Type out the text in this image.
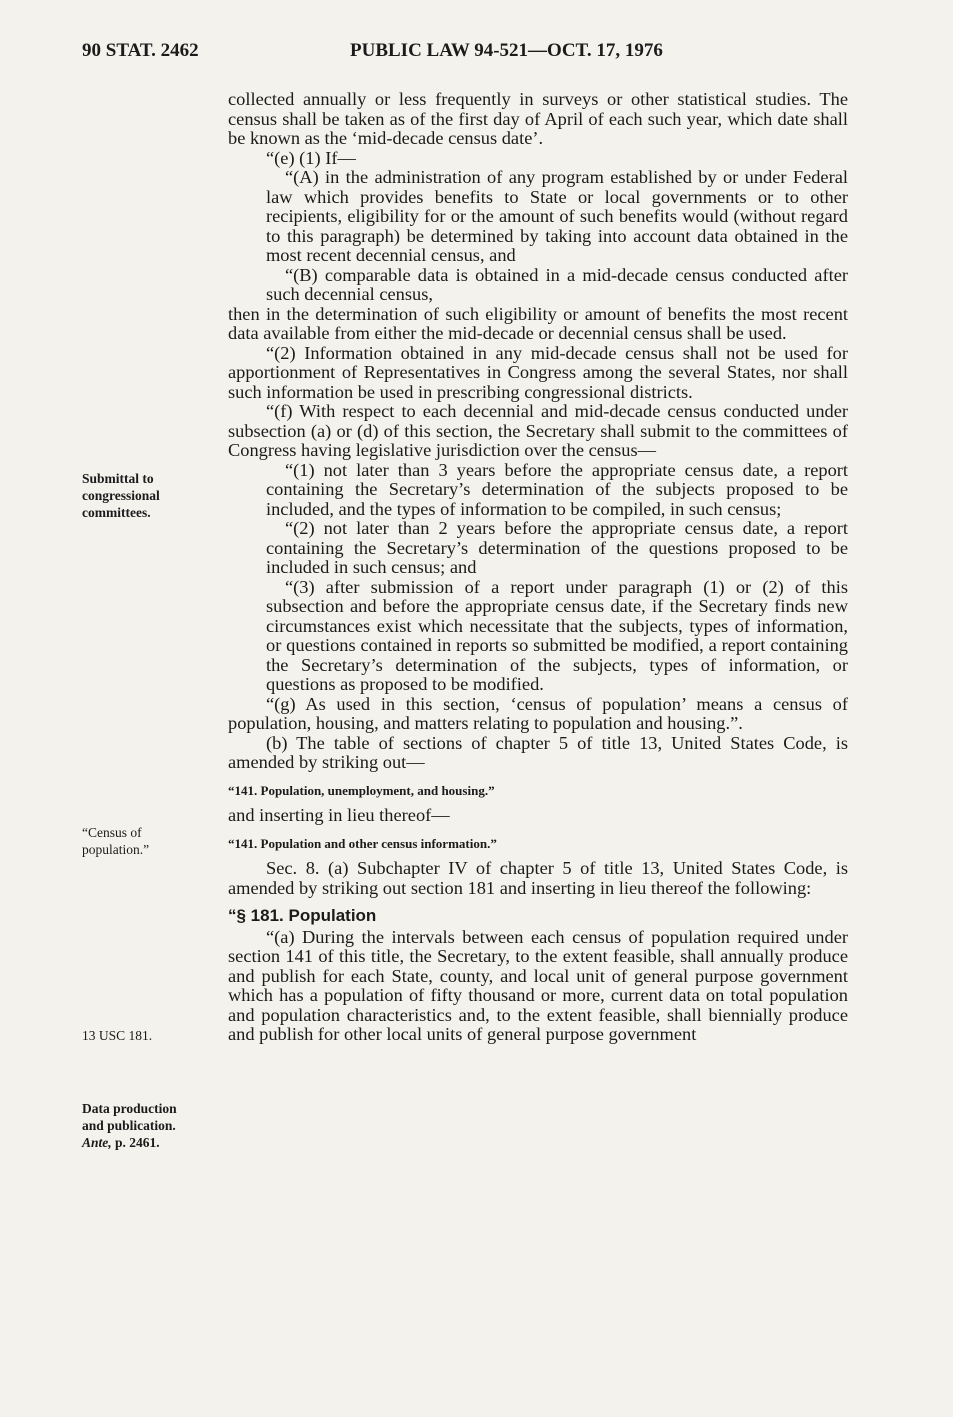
90 STAT. 2462	PUBLIC LAW 94-521—OCT. 17, 1976
Submittal to
congressional
committees.
“Census of
population.”
13 USC 181.
Data production
and publication.
Ante, p. 2461.

collected annually or less frequently in surveys or other statistical studies. The census shall be taken as of the first day of April of each such year, which date shall be known as the ‘mid-decade census date’.

“(e) (1) If—

“(A) in the administration of any program established by or under Federal law which provides benefits to State or local governments or to other recipients, eligibility for or the amount of such benefits would (without regard to this paragraph) be determined by taking into account data obtained in the most recent decennial census, and

“(B) comparable data is obtained in a mid-decade census conducted after such decennial census,

then in the determination of such eligibility or amount of benefits the most recent data available from either the mid-decade or decennial census shall be used.

“(2) Information obtained in any mid-decade census shall not be used for apportionment of Representatives in Congress among the several States, nor shall such information be used in prescribing congressional districts.

“(f) With respect to each decennial and mid-decade census conducted under subsection (a) or (d) of this section, the Secretary shall submit to the committees of Congress having legislative jurisdiction over the census—

“(1) not later than 3 years before the appropriate census date, a report containing the Secretary’s determination of the subjects proposed to be included, and the types of information to be compiled, in such census;

“(2) not later than 2 years before the appropriate census date, a report containing the Secretary’s determination of the questions proposed to be included in such census; and

“(3) after submission of a report under paragraph (1) or (2) of this subsection and before the appropriate census date, if the Secretary finds new circumstances exist which necessitate that the subjects, types of information, or questions contained in reports so submitted be modified, a report containing the Secretary’s determination of the subjects, types of information, or questions as proposed to be modified.

“(g) As used in this section, ‘census of population’ means a census of population, housing, and matters relating to population and housing.”.

(b) The table of sections of chapter 5 of title 13, United States Code, is amended by striking out—

“141. Population, unemployment, and housing.”

and inserting in lieu thereof—

“141. Population and other census information.”

Sec. 8. (a) Subchapter IV of chapter 5 of title 13, United States Code, is amended by striking out section 181 and inserting in lieu thereof the following:

“§ 181. Population

“(a) During the intervals between each census of population required under section 141 of this title, the Secretary, to the extent feasible, shall annually produce and publish for each State, county, and local unit of general purpose government which has a population of fifty thousand or more, current data on total population and population characteristics and, to the extent feasible, shall biennially produce and publish for other local units of general purpose government
